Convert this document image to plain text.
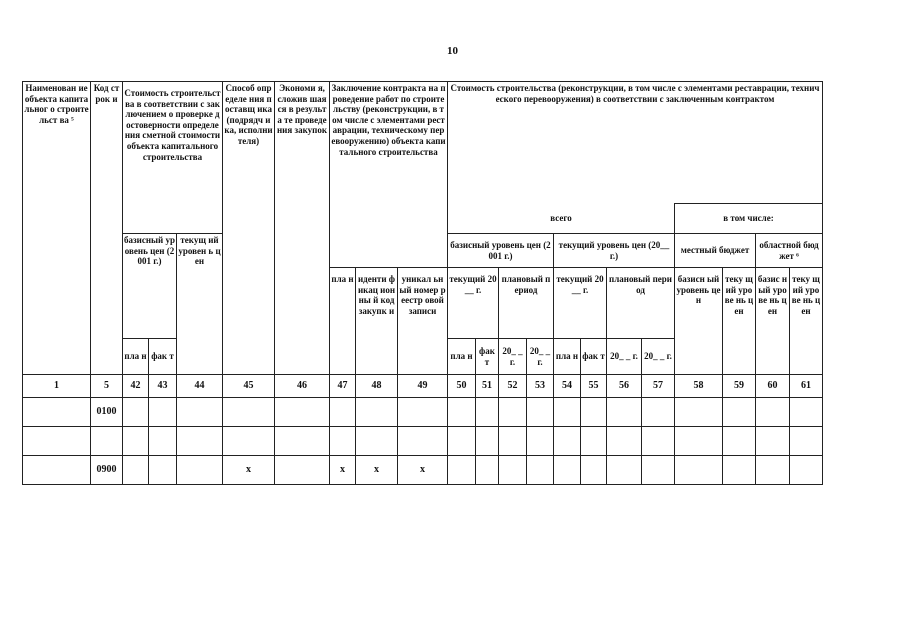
10
Наименован ие объекта капитальног о строительст ва ⁵	Код строк и	Стоимость строительства в соответствии с заключением о проверке достоверности определения сметной стоимости объекта капитального строительства			Способ определе ния поставщ ика (подрядч ика, исполни теля)	Экономи я, сложив шаяся в результа те проведе ния закупок	Заключение контракта на проведение работ по строительству (реконструкции, в том числе с элементами реставрации, техническому перевооружению) объекта капитального строительства			Стоимость строительства (реконструкции, в том числе с элементами реставрации, технического перевооружения) в соответствии с заключенным контрактом											
										всего								в том числе:			
		базисный уровень цен (2001 г.)		текущ ий уровен ь цен						базисный уровень цен (2001 г.)				текущий уровень цен (20__ г.)				местный бюджет		областной бюджет ⁶	
							пла н	иденти фикац ионны й код закупк и	уникал ьный номер реестр овой записи	текущий 20__ г.		плановый период		текущий 20__ г.		плановый период		базисн ый уровень цен	теку щий урове нь цен	базис ный урове нь цен	теку щий урове нь цен
		пла н	фак т							пла н	фак т	20_ _ г.	20_ _ г.	пла н	фак т	20_ _ г.	20_ _ г.				
1	5	42	43	44	45	46	47	48	49	50	51	52	53	54	55	56	57	58	59	60	61
	0100																				

	0900				x		x	x	x												
